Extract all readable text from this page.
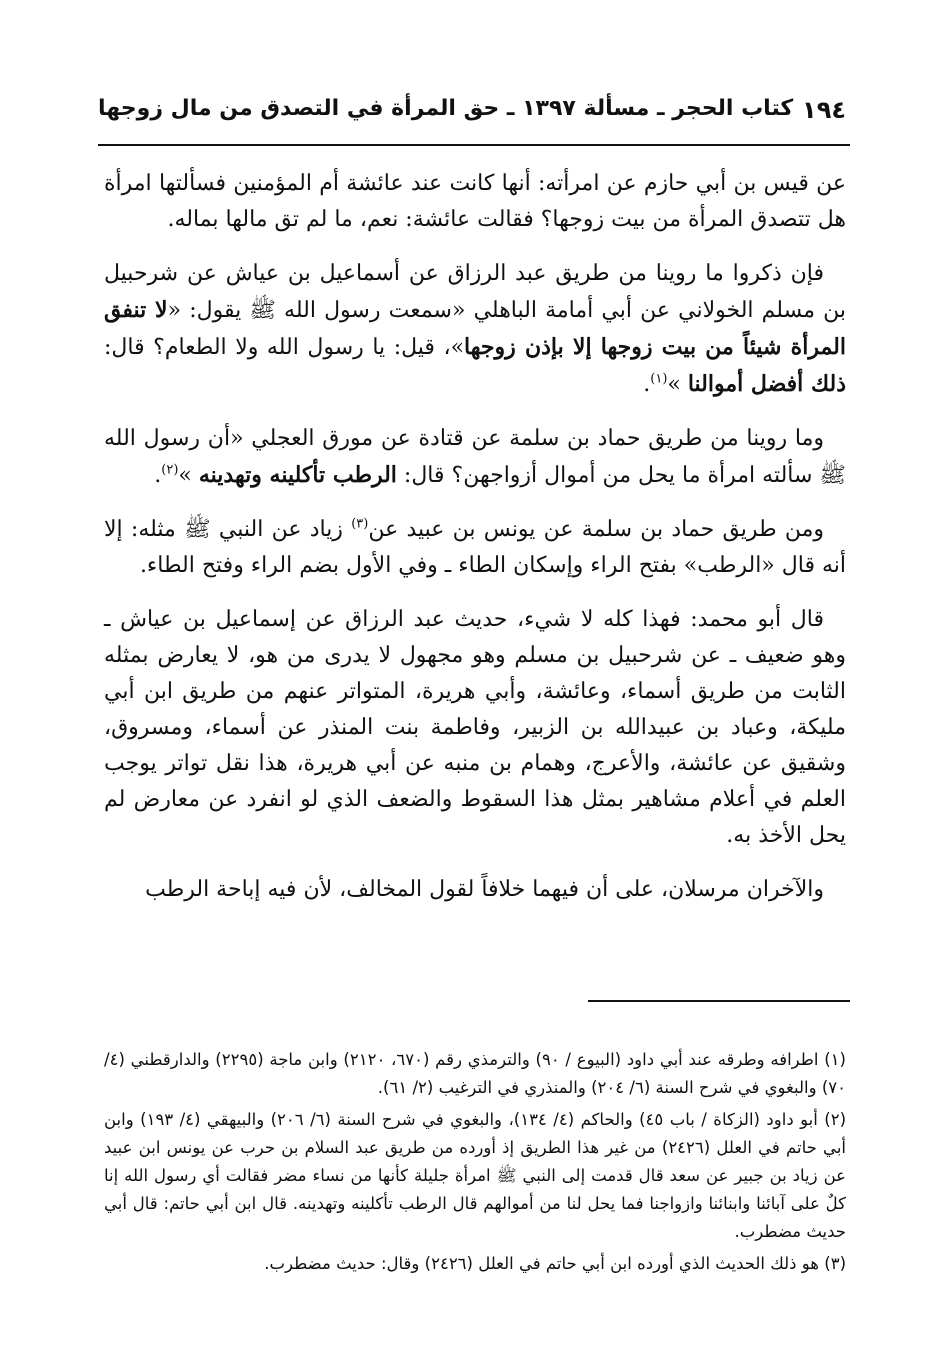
١٩٤
كتاب الحجر ـ مسألة ١٣٩٧ ـ حق المرأة في التصدق من مال زوجها

عن قيس بن أبي حازم عن امرأته: أنها كانت عند عائشة أم المؤمنين فسألتها امرأة هل تتصدق المرأة من بيت زوجها؟ فقالت عائشة: نعم، ما لم تق مالها بماله.

فإن ذكروا ما روينا من طريق عبد الرزاق عن أسماعيل بن عياش عن شرحبيل بن مسلم الخولاني عن أبي أمامة الباهلي «سمعت رسول الله ﷺ يقول: «لا تنفق المرأة شيئاً من بيت زوجها إلا بإذن زوجها»، قيل: يا رسول الله ولا الطعام؟ قال: ذلك أفضل أموالنا »$^{(١)}$.

وما روينا من طريق حماد بن سلمة عن قتادة عن مورق العجلي «أن رسول الله ﷺ سألته امرأة ما يحل من أموال أزواجهن؟ قال: الرطب تأكلينه وتهدينه »$^{(٢)}$.

ومن طريق حماد بن سلمة عن يونس بن عبيد عن$^{(٣)}$ زياد عن النبي ﷺ مثله: إلا أنه قال «الرطب» بفتح الراء وإسكان الطاء ـ وفي الأول بضم الراء وفتح الطاء.

قال أبو محمد: فهذا كله لا شيء، حديث عبد الرزاق عن إسماعيل بن عياش ـ وهو ضعيف ـ عن شرحبيل بن مسلم وهو مجهول لا يدرى من هو، لا يعارض بمثله الثابت من طريق أسماء، وعائشة، وأبي هريرة، المتواتر عنهم من طريق ابن أبي مليكة، وعباد بن عبيدالله بن الزبير، وفاطمة بنت المنذر عن أسماء، ومسروق، وشقيق عن عائشة، والأعرج، وهمام بن منبه عن أبي هريرة، هذا نقل تواتر يوجب العلم في أعلام مشاهير بمثل هذا السقوط والضعف الذي لو انفرد عن معارض لم يحل الأخذ به.

والآخران مرسلان، على أن فيهما خلافاً لقول المخالف، لأن فيه إباحة الرطب

(١) اطرافه وطرقه عند أبي داود (البيوع / ٩٠) والترمذي رقم (٦٧٠، ٢١٢٠) وابن ماجة (٢٢٩٥) والدارقطني (٤/ ٧٠) والبغوي في شرح السنة (٦/ ٢٠٤) والمنذري في الترغيب (٢/ ٦١).

(٢) أبو داود (الزكاة / باب ٤٥) والحاكم (٤/ ١٣٤)، والبغوي في شرح السنة (٦/ ٢٠٦) والبيهقي (٤/ ١٩٣) وابن أبي حاتم في العلل (٢٤٢٦) من غير هذا الطريق إذ أورده من طريق عبد السلام بن حرب عن يونس ابن عبيد عن زياد بن جبير عن سعد قال قدمت إلى النبي ﷺ امرأة جليلة كأنها من نساء مضر فقالت أي رسول الله إنا كلٌ على آبائنا وابنائنا وازواجنا فما يحل لنا من أموالهم قال الرطب تأكلينه وتهدينه. قال ابن أبي حاتم: قال أبي حديث مضطرب.

(٣) هو ذلك الحديث الذي أورده ابن أبي حاتم في العلل (٢٤٢٦) وقال: حديث مضطرب.
